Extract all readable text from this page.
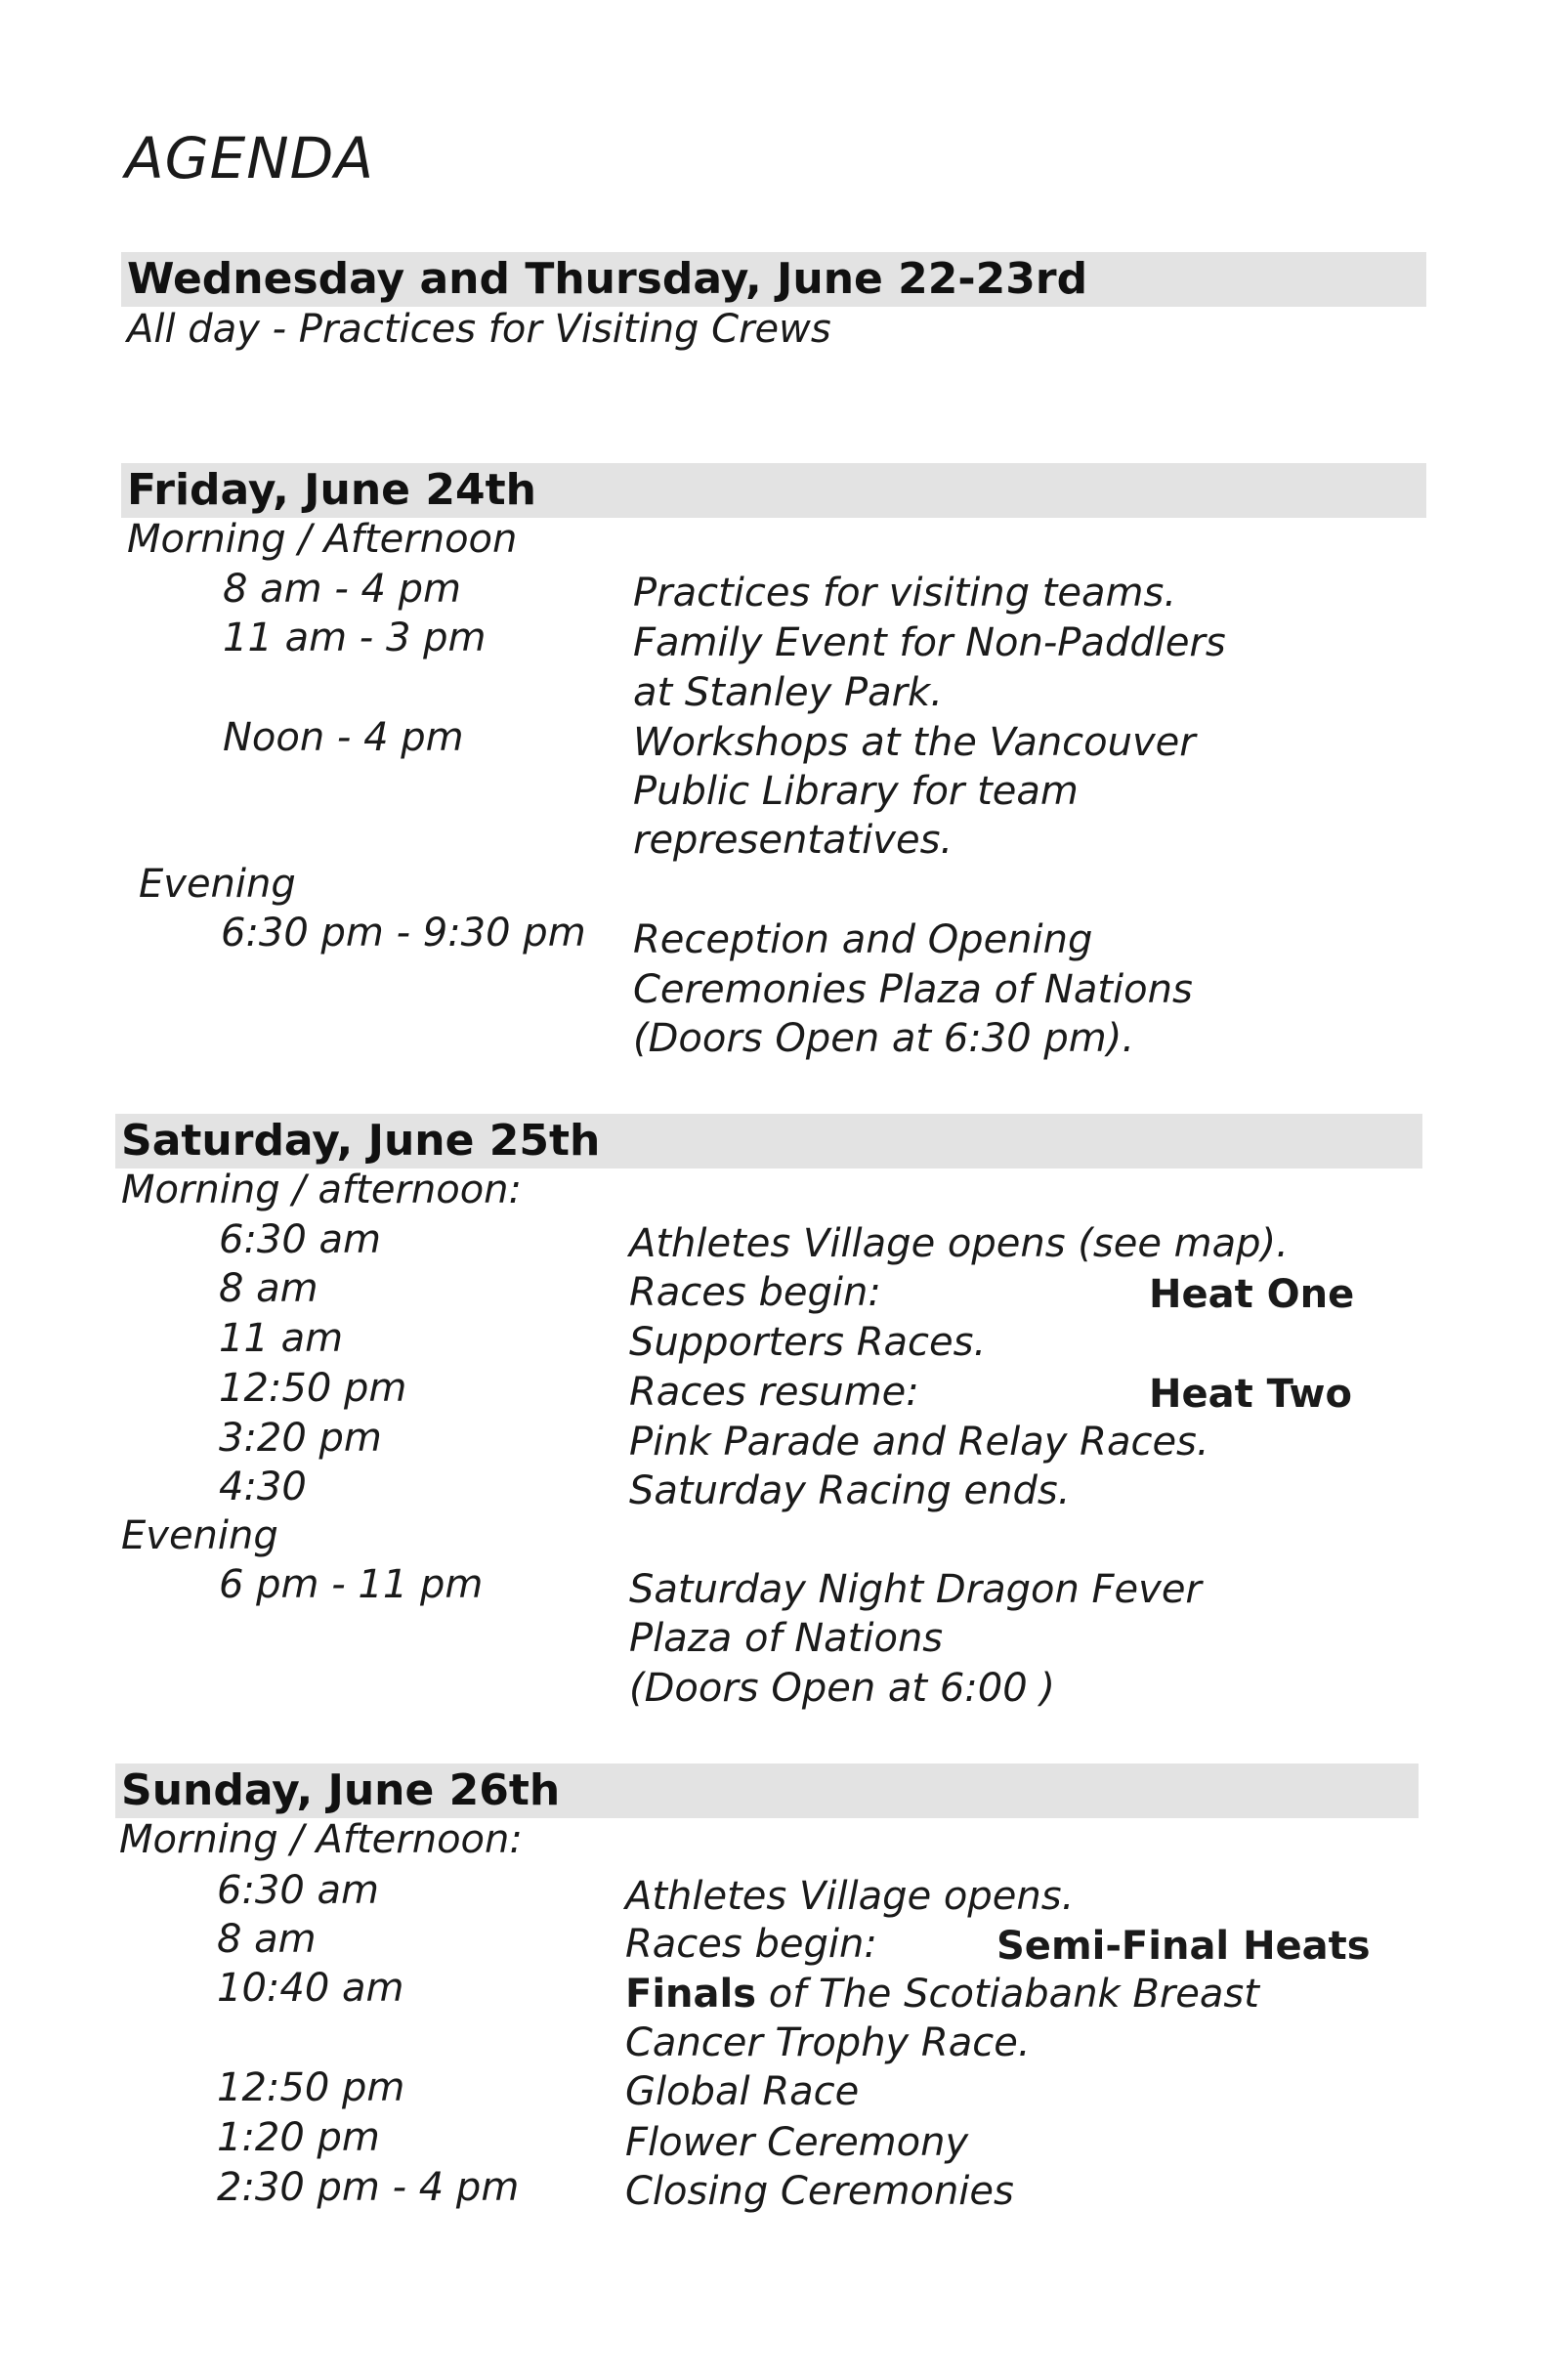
AGENDA
Wednesday and Thursday, June 22-23rd
All day - Practices for Visiting Crews
Friday, June 24th
Morning / Afternoon
8 am - 4 pm	Practices for visiting teams.
11 am - 3 pm	Family Event for Non-Paddlers
at Stanley Park.
Noon - 4 pm	Workshops at the Vancouver
Public Library for team
representatives.
Evening
6:30 pm - 9:30 pm Reception and Opening
Ceremonies Plaza of Nations
(Doors Open at 6:30 pm).
Saturday, June 25th
Morning / afternoon:
6:30 am	Athletes Village opens (see map).
8 am	Races begin:	Heat One
11 am	Supporters Races.
12:50 pm	Races resume:	Heat Two
3:20 pm	Pink Parade and Relay Races.
4:30	Saturday Racing ends.
Evening
6 pm - 11 pm	Saturday Night Dragon Fever
Plaza of Nations
(Doors Open at 6:00 )
Sunday, June 26th
Morning / Afternoon:
6:30 am	Athletes Village opens.
8 am	Races begin:	Semi-Final Heats
10:40 am	Finals of The Scotiabank Breast
Cancer Trophy Race.
12:50 pm	Global Race
1:20 pm	Flower Ceremony
2:30 pm - 4 pm	Closing Ceremonies
